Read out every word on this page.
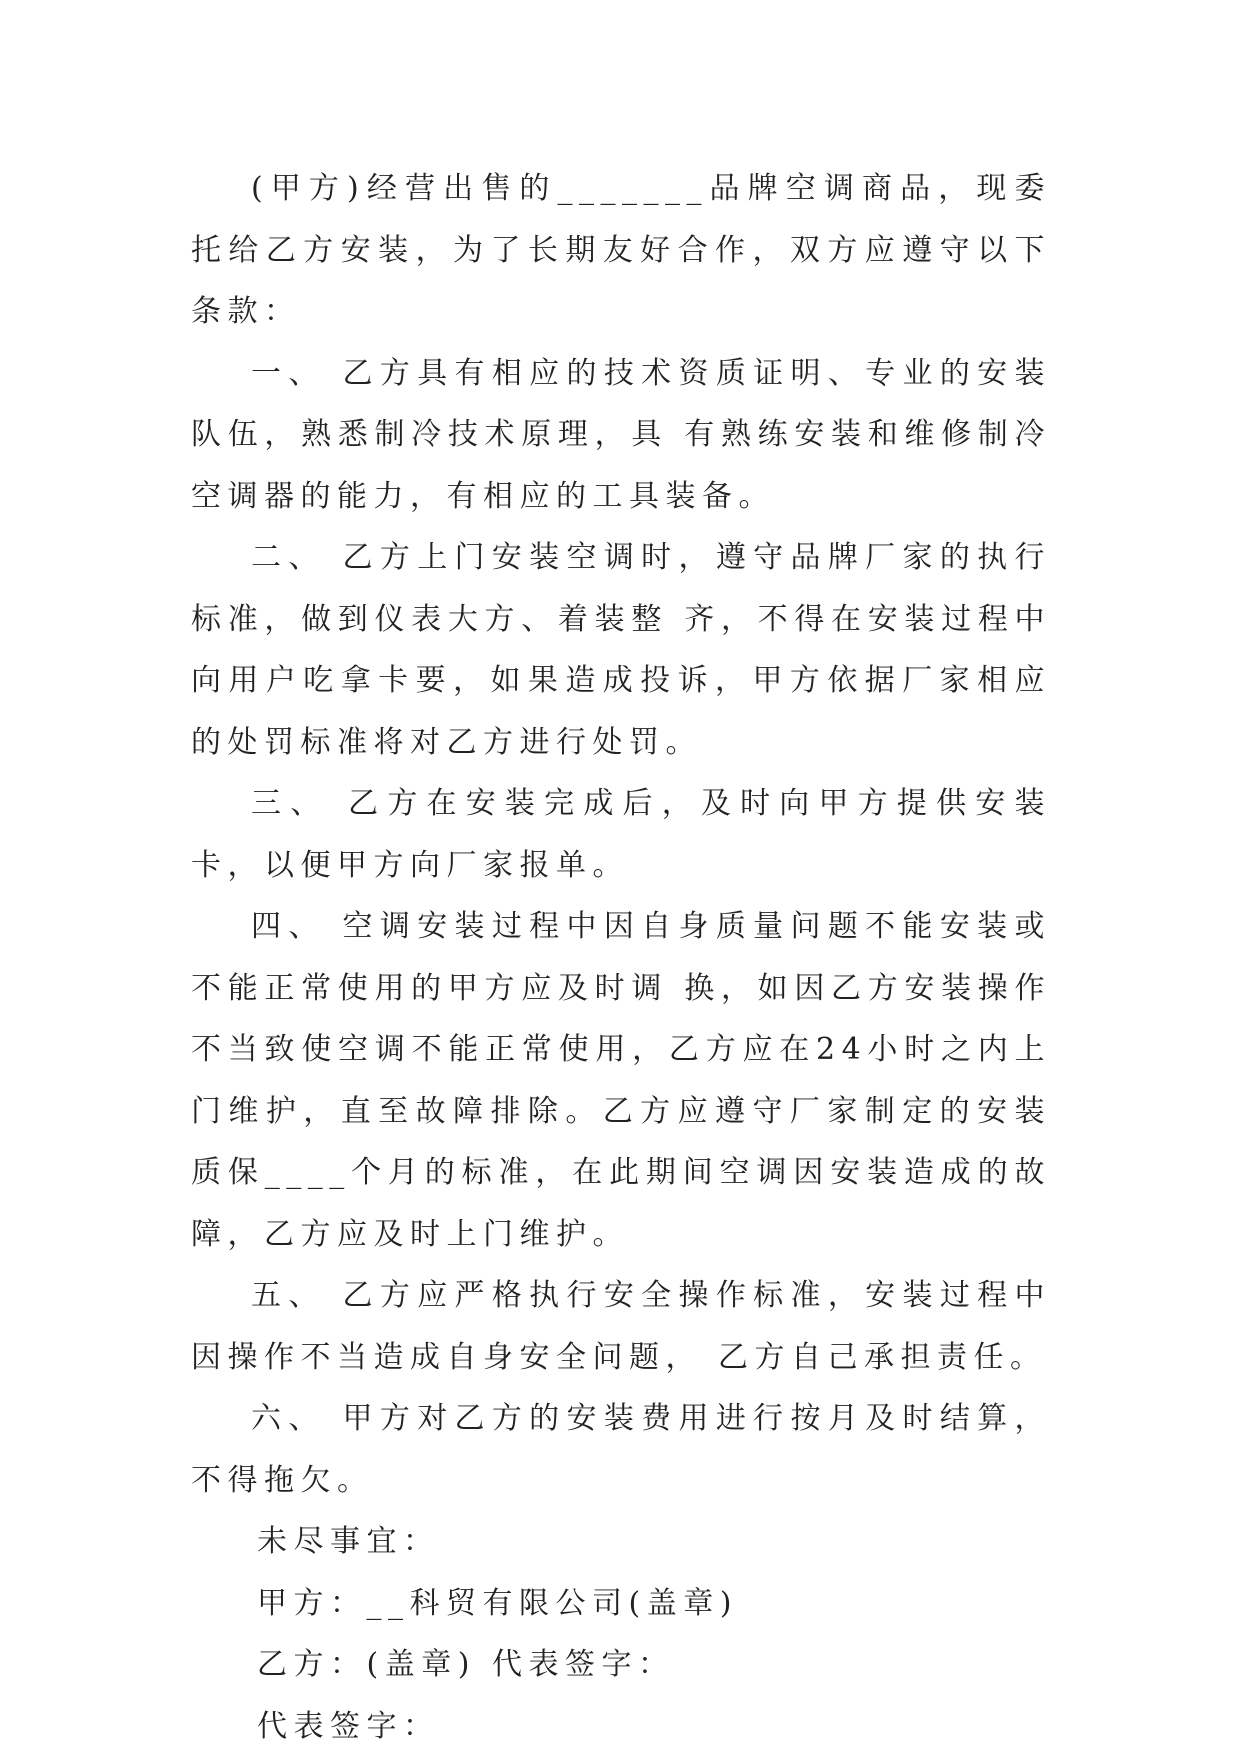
(甲方)经营出售的_______品牌空调商品，现委托给乙方安装，为了长期友好合作，双方应遵守以下条款：

一、 乙方具有相应的技术资质证明、专业的安装队伍，熟悉制冷技术原理，具 有熟练安装和维修制冷空调器的能力，有相应的工具装备。

二、 乙方上门安装空调时，遵守品牌厂家的执行标准，做到仪表大方、着装整 齐，不得在安装过程中向用户吃拿卡要，如果造成投诉，甲方依据厂家相应的处罚标准将对乙方进行处罚。

三、 乙方在安装完成后，及时向甲方提供安装卡，以便甲方向厂家报单。

四、 空调安装过程中因自身质量问题不能安装或不能正常使用的甲方应及时调 换，如因乙方安装操作不当致使空调不能正常使用，乙方应在24小时之内上门维护，直至故障排除。乙方应遵守厂家制定的安装质保____个月的标准，在此期间空调因安装造成的故障，乙方应及时上门维护。

五、 乙方应严格执行安全操作标准，安装过程中因操作不当造成自身安全问题， 乙方自己承担责任。

六、 甲方对乙方的安装费用进行按月及时结算，不得拖欠。

未尽事宜：

甲方：__科贸有限公司(盖章)

乙方：(盖章) 代表签字：

代表签字：
